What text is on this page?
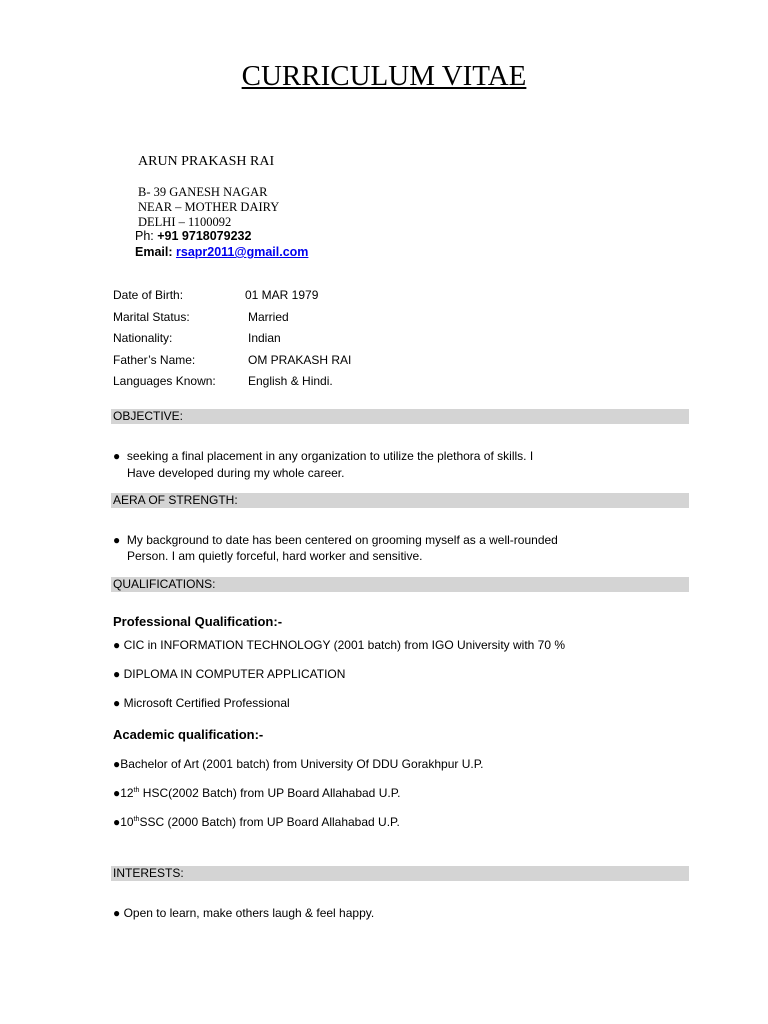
CURRICULUM VITAE
ARUN PRAKASH RAI
B- 39 GANESH NAGAR
NEAR – MOTHER DAIRY
DELHI – 1100092
Ph: +91 9718079232
Email: rsapr2011@gmail.com
Date of Birth:	01 MAR 1979
Marital Status:	Married
Nationality:	Indian
Father’s Name:	OM PRAKASH RAI
Languages Known:	English & Hindi.
OBJECTIVE:
● seeking a final placement in any organization to utilize the plethora of skills. I
Have developed during my whole career.
AERA OF STRENGTH:
● My background to date has been centered on grooming myself as a well-rounded
Person. I am quietly forceful, hard worker and sensitive.
QUALIFICATIONS:
Professional Qualification:-
● CIC in INFORMATION TECHNOLOGY (2001 batch) from IGO University with 70 %
● DIPLOMA IN COMPUTER APPLICATION
● Microsoft Certified Professional
Academic qualification:-
●Bachelor of Art (2001 batch) from University Of DDU Gorakhpur U.P.
●12th HSC(2002 Batch) from UP Board Allahabad U.P.
●10thSSC (2000 Batch) from UP Board Allahabad U.P.
INTERESTS:
● Open to learn, make others laugh & feel happy.
